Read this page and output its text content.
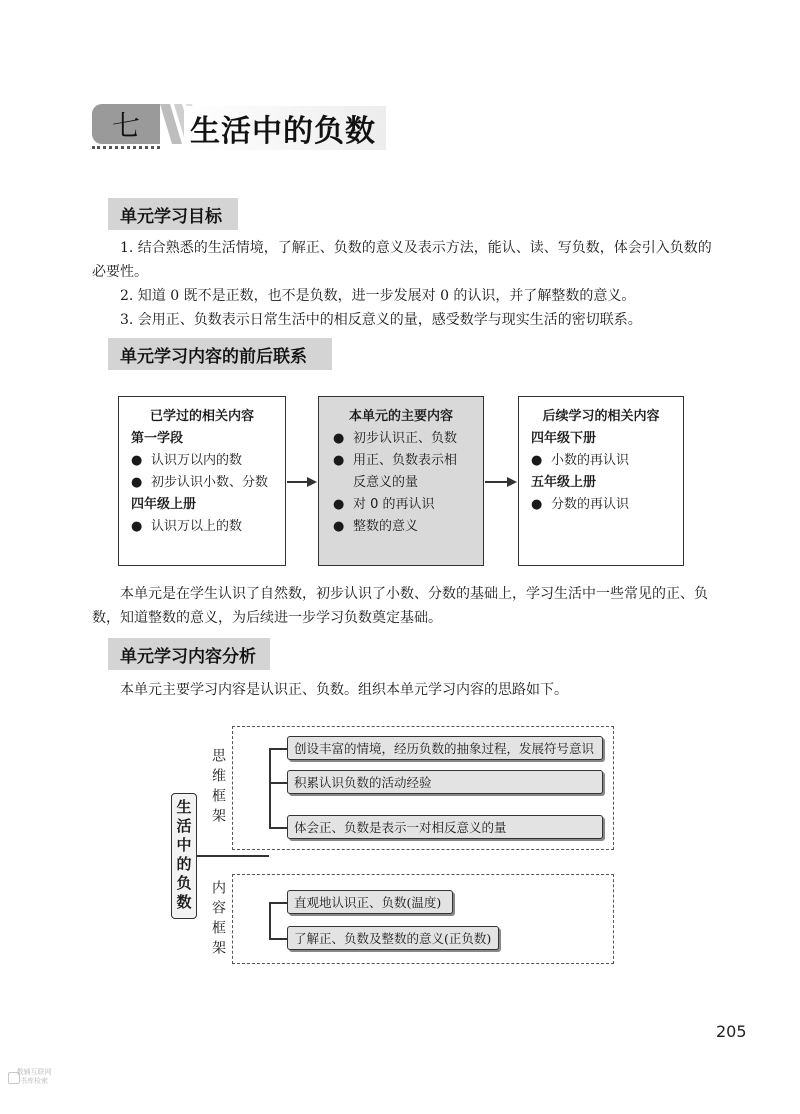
七 生活中的负数
单元学习目标
1. 结合熟悉的生活情境，了解正、负数的意义及表示方法，能认、读、写负数，体会引入负数的必要性。
2. 知道 0 既不是正数，也不是负数，进一步发展对 0 的认识，并了解整数的意义。
3. 会用正、负数表示日常生活中的相反意义的量，感受数学与现实生活的密切联系。
单元学习内容的前后联系
已学过的相关内容
第一学段
● 认识万以内的数
● 初步认识小数、分数
四年级上册
● 认识万以上的数
本单元的主要内容
● 初步认识正、负数
● 用正、负数表示相反意义的量
● 对 0 的再认识
● 整数的意义
后续学习的相关内容
四年级下册
● 小数的再认识
五年级上册
● 分数的再认识
本单元是在学生认识了自然数，初步认识了小数、分数的基础上，学习生活中一些常见的正、负数，知道整数的意义，为后续进一步学习负数奠定基础。
单元学习内容分析
本单元主要学习内容是认识正、负数。组织本单元学习内容的思路如下。
思维框架
内容框架
生活中的负数
创设丰富的情境，经历负数的抽象过程，发展符号意识
积累认识负数的活动经验
体会正、负数是表示一对相反意义的量
直观地认识正、负数(温度)
了解正、负数及整数的意义(正负数)
205
教辅互联网
书库检索
